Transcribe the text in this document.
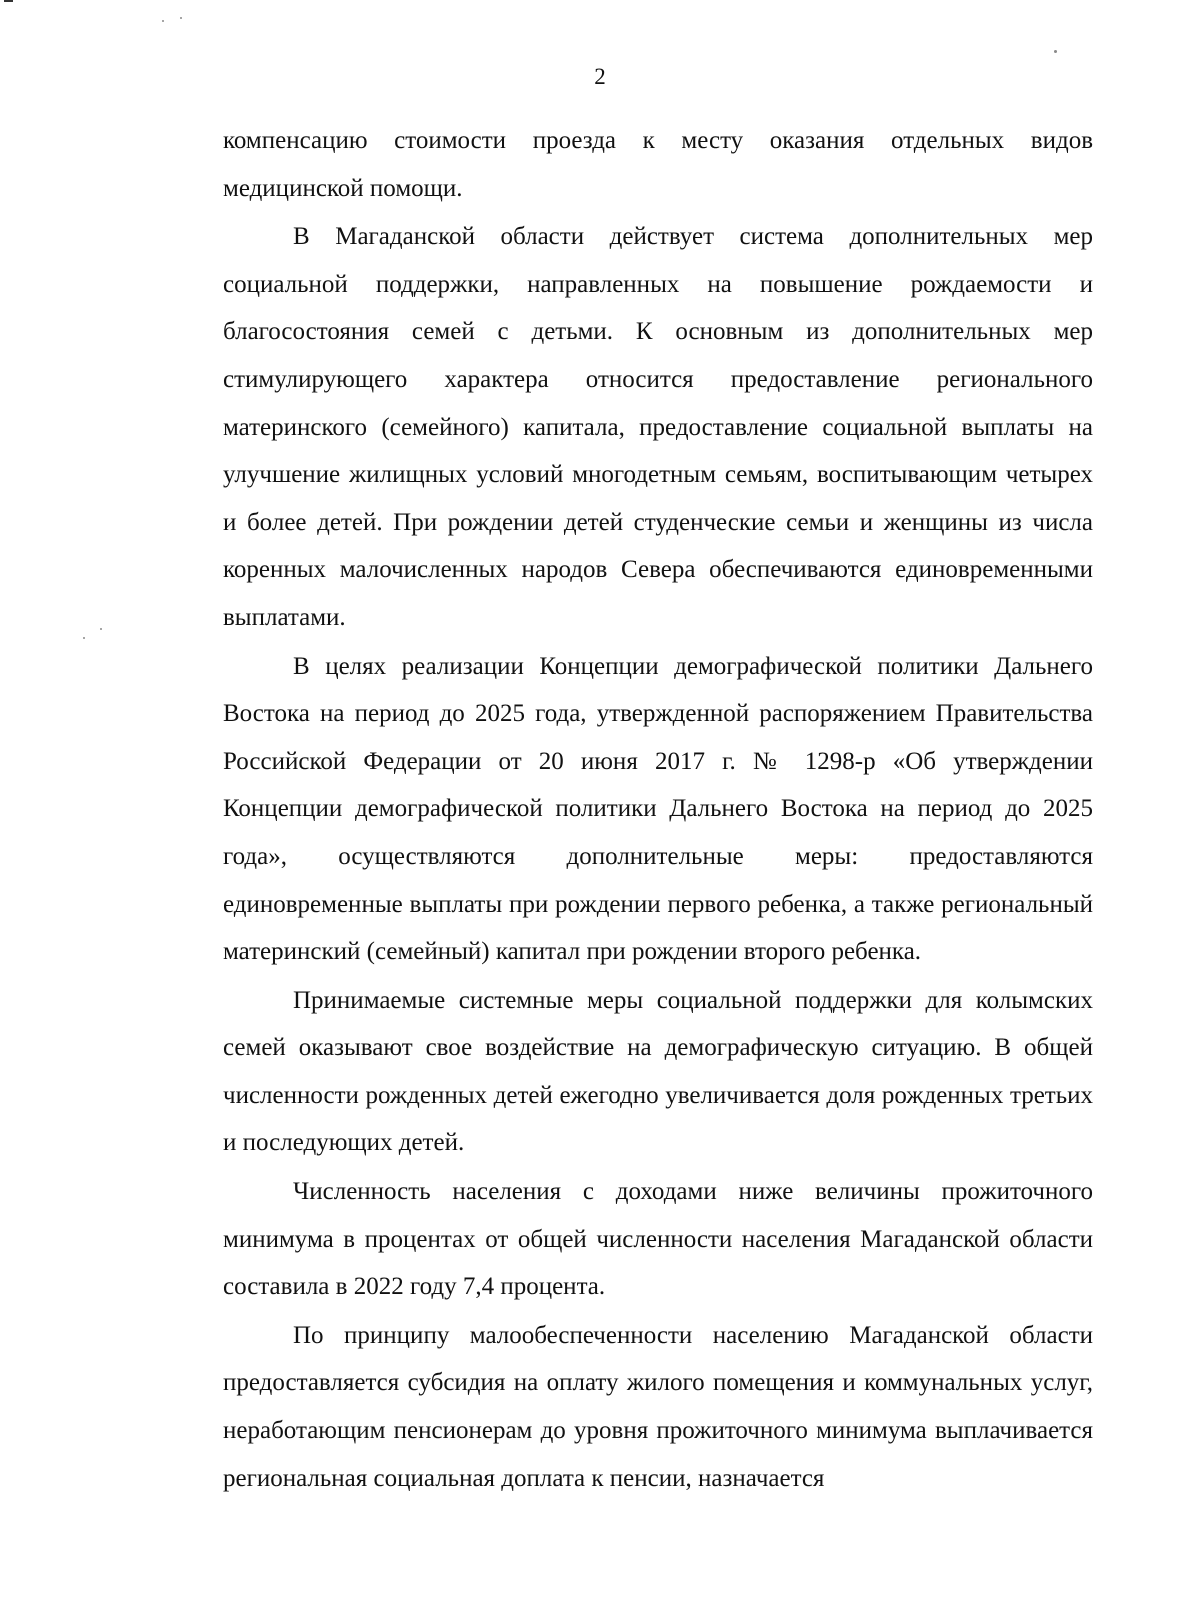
2

компенсацию стоимости проезда к месту оказания отдельных видов медицинской помощи.

В Магаданской области действует система дополнительных мер социальной поддержки, направленных на повышение рождаемости и благосостояния семей с детьми. К основным из дополнительных мер стимулирующего характера относится предоставление регионального материнского (семейного) капитала, предоставление социальной выплаты на улучшение жилищных условий многодетным семьям, воспитывающим четырех и более детей. При рождении детей студенческие семьи и женщины из числа коренных малочисленных народов Севера обеспечиваются единовременными выплатами.

В целях реализации Концепции демографической политики Дальнего Востока на период до 2025 года, утвержденной распоряжением Правительства Российской Федерации от 20 июня 2017 г. № 1298-р «Об утверждении Концепции демографической политики Дальнего Востока на период до 2025 года», осуществляются дополнительные меры: предоставляются единовременные выплаты при рождении первого ребенка, а также региональный материнский (семейный) капитал при рождении второго ребенка.

Принимаемые системные меры социальной поддержки для колымских семей оказывают свое воздействие на демографическую ситуацию. В общей численности рожденных детей ежегодно увеличивается доля рожденных третьих и последующих детей.

Численность населения с доходами ниже величины прожиточного минимума в процентах от общей численности населения Магаданской области составила в 2022 году 7,4 процента.

По принципу малообеспеченности населению Магаданской области предоставляется субсидия на оплату жилого помещения и коммунальных услуг, неработающим пенсионерам до уровня прожиточного минимума выплачивается региональная социальная доплата к пенсии, назначается
